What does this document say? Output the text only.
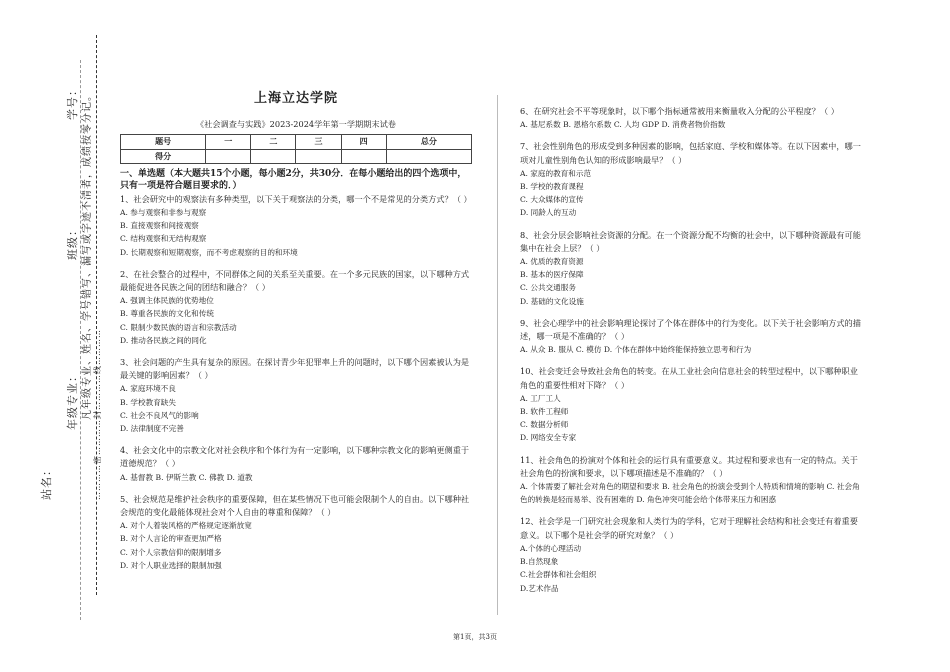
学号：
班级： 凡年级专业、姓名、学号错写、漏写或字迹不清者，成绩按零分记。
年级专业： …………密…………封…………线…………
站名：
上海立达学院
《社会调查与实践》2023-2024学年第一学期期末试卷
题号	一	二	三	四	总分
得分					
一、单选题（本大题共15个小题，每小题2分，共30分．在每小题给出的四个选项中，只有一项是符合题目要求的．）

1、社会研究中的观察法有多种类型，以下关于观察法的分类，哪一个不是常见的分类方式？（ ）

A. 参与观察和非参与观察

B. 直接观察和间接观察

C. 结构观察和无结构观察

D. 长期观察和短期观察，而不考虑观察的目的和环境

2、在社会整合的过程中，不同群体之间的关系至关重要。在一个多元民族的国家，以下哪种方式最能促进各民族之间的团结和融合？（ ）

A. 强调主体民族的优势地位

B. 尊重各民族的文化和传统

C. 限制少数民族的语言和宗教活动

D. 推动各民族之间的同化

3、社会问题的产生具有复杂的原因。在探讨青少年犯罪率上升的问题时，以下哪个因素被认为是最关键的影响因素？（ ）

A. 家庭环境不良

B. 学校教育缺失

C. 社会不良风气的影响

D. 法律制度不完善

4、社会文化中的宗教文化对社会秩序和个体行为有一定影响，以下哪种宗教文化的影响更侧重于道德规范？（ ）

A. 基督教 B. 伊斯兰教 C. 佛教 D. 道教

5、社会规范是维护社会秩序的重要保障，但在某些情况下也可能会限制个人的自由。以下哪种社会规范的变化最能体现社会对个人自由的尊重和保障？（ ）

A. 对个人着装风格的严格规定逐渐放宽

B. 对个人言论的审查更加严格

C. 对个人宗教信仰的限制增多

D. 对个人职业选择的限制加强

6、在研究社会不平等现象时，以下哪个指标通常被用来衡量收入分配的公平程度？（ ）

A. 基尼系数 B. 恩格尔系数 C. 人均 GDP D. 消费者物价指数

7、社会性别角色的形成受到多种因素的影响，包括家庭、学校和媒体等。在以下因素中，哪一项对儿童性别角色认知的形成影响最早？（ ）

A. 家庭的教育和示范

B. 学校的教育课程

C. 大众媒体的宣传

D. 同龄人的互动

8、社会分层会影响社会资源的分配。在一个资源分配不均衡的社会中，以下哪种资源最有可能集中在社会上层？（ ）

A. 优质的教育资源

B. 基本的医疗保障

C. 公共交通服务

D. 基础的文化设施

9、社会心理学中的社会影响理论探讨了个体在群体中的行为变化。以下关于社会影响方式的描述，哪一项是不准确的？（ ）

A. 从众 B. 服从 C. 模仿 D. 个体在群体中始终能保持独立思考和行为

10、社会变迁会导致社会角色的转变。在从工业社会向信息社会的转型过程中，以下哪种职业角色的重要性相对下降？（ ）

A. 工厂工人

B. 软件工程师

C. 数据分析师

D. 网络安全专家

11、社会角色的扮演对个体和社会的运行具有重要意义。其过程和要求也有一定的特点。关于社会角色的扮演和要求，以下哪项描述是不准确的？（ ）

A. 个体需要了解社会对角色的期望和要求 B. 社会角色的扮演会受到个人特质和情境的影响 C. 社会角色的转换是轻而易举、没有困难的 D. 角色冲突可能会给个体带来压力和困惑

12、社会学是一门研究社会现象和人类行为的学科，它对于理解社会结构和社会变迁有着重要意义。以下哪个是社会学的研究对象？（ ）

A.个体的心理活动

B.自然现象

C.社会群体和社会组织

D.艺术作品

第1页，共3页
